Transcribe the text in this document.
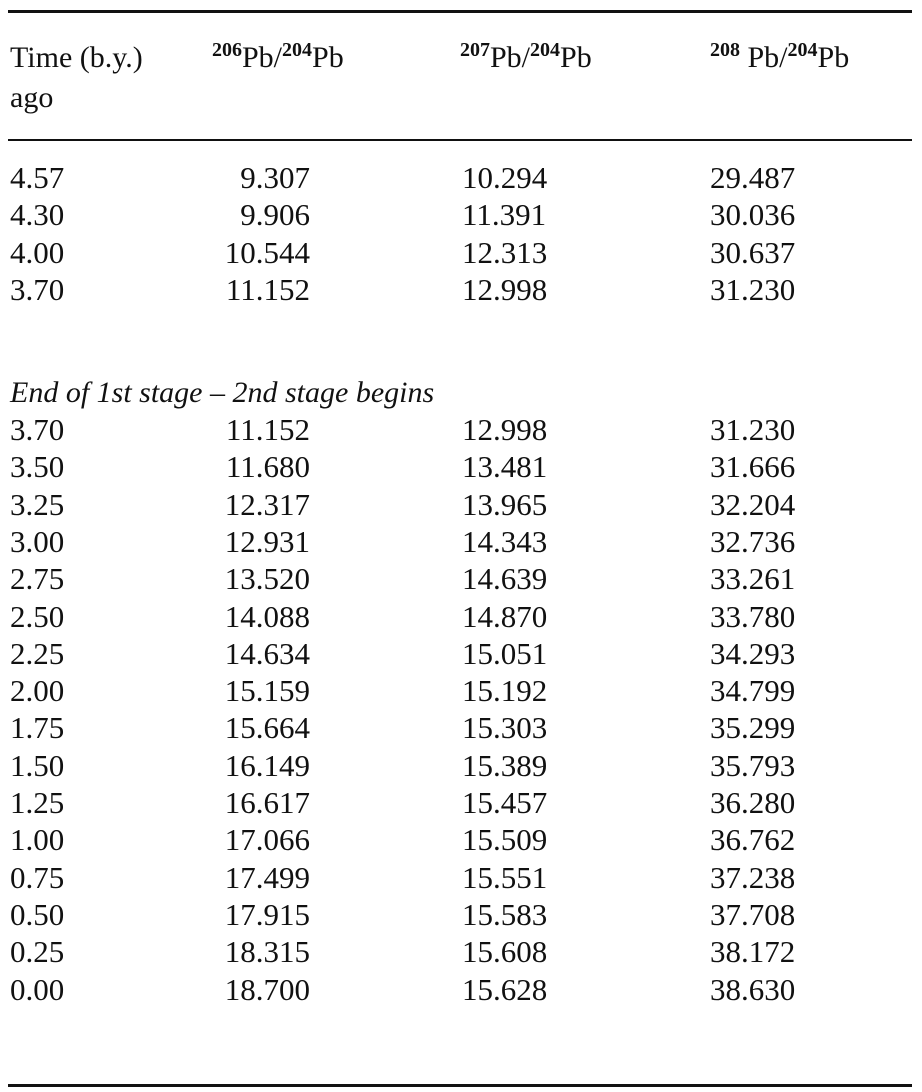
Time (b.y.)
ago
$^{206}$Pb/$^{204}$Pb	$^{207}$Pb/$^{204}$Pb	$^{208}$ Pb/$^{204}$Pb
4.57	9.307	10.294	29.487
4.30	9.906	11.391	30.036
4.00	10.544	12.313	30.637
3.70	11.152	12.998	31.230
End of 1st stage – 2nd stage begins
3.70	11.152	12.998	31.230
3.50	11.680	13.481	31.666
3.25	12.317	13.965	32.204
3.00	12.931	14.343	32.736
2.75	13.520	14.639	33.261
2.50	14.088	14.870	33.780
2.25	14.634	15.051	34.293
2.00	15.159	15.192	34.799
1.75	15.664	15.303	35.299
1.50	16.149	15.389	35.793
1.25	16.617	15.457	36.280
1.00	17.066	15.509	36.762
0.75	17.499	15.551	37.238
0.50	17.915	15.583	37.708
0.25	18.315	15.608	38.172
0.00	18.700	15.628	38.630
